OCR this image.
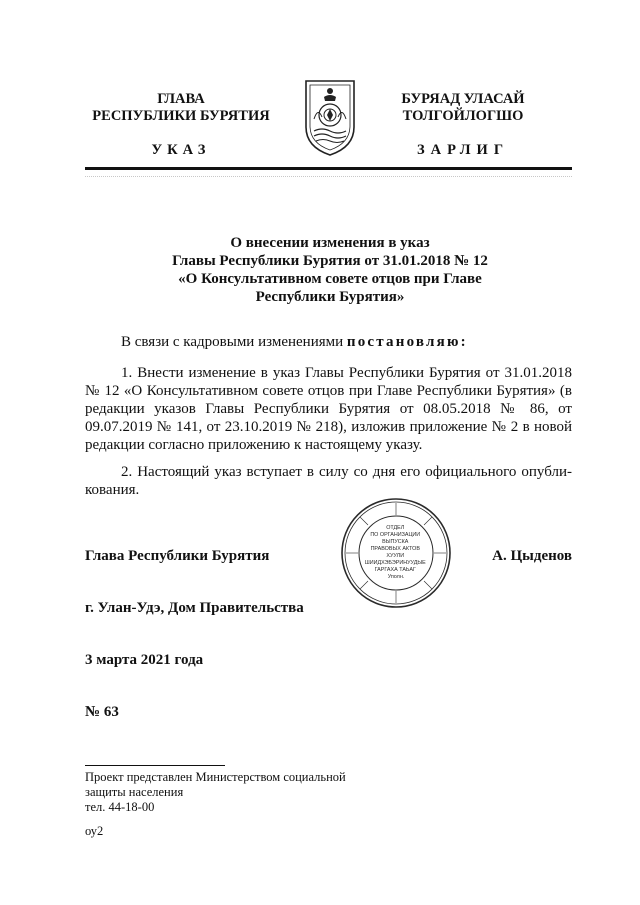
ГЛАВА
РЕСПУБЛИКИ БУРЯТИЯ
УКАЗ
БУРЯАД УЛАСАЙ
ТОЛГОЙЛОГШО
ЗАРЛИГ
О внесении изменения в указ
Главы Республики Бурятия от 31.01.2018 № 12
«О Консультативном совете отцов при Главе
Республики Бурятия»
В связи с кадровыми изменениями постановляю:
1. Внести изменение в указ Главы Республики Бурятия от 31.01.2018 № 12 «О Консультативном совете отцов при Главе Республики Бурятия» (в редакции указов Главы Республики Бурятия от 08.05.2018 № 86, от 09.07.2019 № 141, от 23.10.2019 № 218), изложив приложение № 2 в новой редакции согласно приложению к настоящему указу.
2. Настоящий указ вступает в силу со дня его официального опубли-кования.
ОТДЕЛ ПО ОРГАНИЗАЦИИ ВЫПУСКА ПРАВОВЫХ АКТОВ ХУУЛИ ШИИДХЭБЭРИНУУДЫЕ ГАРГАХА ТАЬАГ Уполн.
Глава Республики Бурятия	А. Цыденов
г. Улан-Удэ, Дом Правительства
3 марта 2021 года
№ 63
Проект представлен Министерством социальной
защиты населения
тел. 44-18-00
оу2
